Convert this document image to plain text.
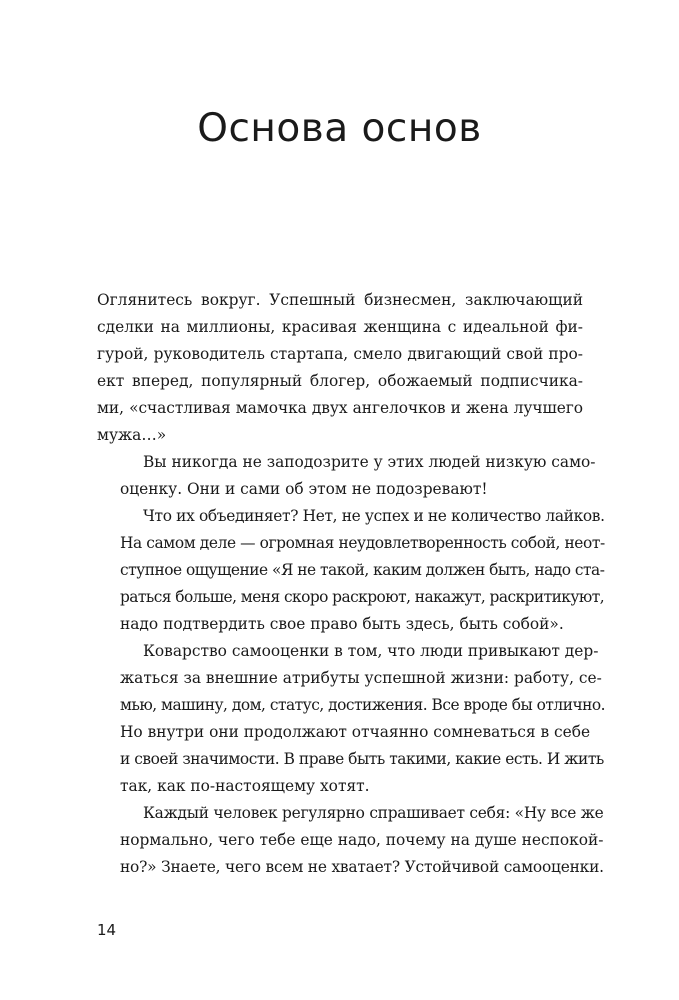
Основа основ

Оглянитесь вокруг. Успешный бизнесмен, заключающий
сделки на миллионы, красивая женщина с идеальной фи-
гурой, руководитель стартапа, смело двигающий свой про-
ект вперед, популярный блогер, обожаемый подписчика-
ми, «счастливая мамочка двух ангелочков и жена лучшего
мужа…»

Вы никогда не заподозрите у этих людей низкую само-
оценку. Они и сами об этом не подозревают!

Что их объединяет? Нет, не успех и не количество лайков.
На самом деле — огромная неудовлетворенность собой, неот-
ступное ощущение «Я не такой, каким должен быть, надо ста-
раться больше, меня скоро раскроют, накажут, раскритикуют,
надо подтвердить свое право быть здесь, быть собой».

Коварство самооценки в том, что люди привыкают дер-
жаться за внешние атрибуты успешной жизни: работу, се-
мью, машину, дом, статус, достижения. Все вроде бы отлично.
Но внутри они продолжают отчаянно сомневаться в себе
и своей значимости. В праве быть такими, какие есть. И жить
так, как по-настоящему хотят.

Каждый человек регулярно спрашивает себя: «Ну все же
нормально, чего тебе еще надо, почему на душе неспокой-
но?» Знаете, чего всем не хватает? Устойчивой самооценки.

14
